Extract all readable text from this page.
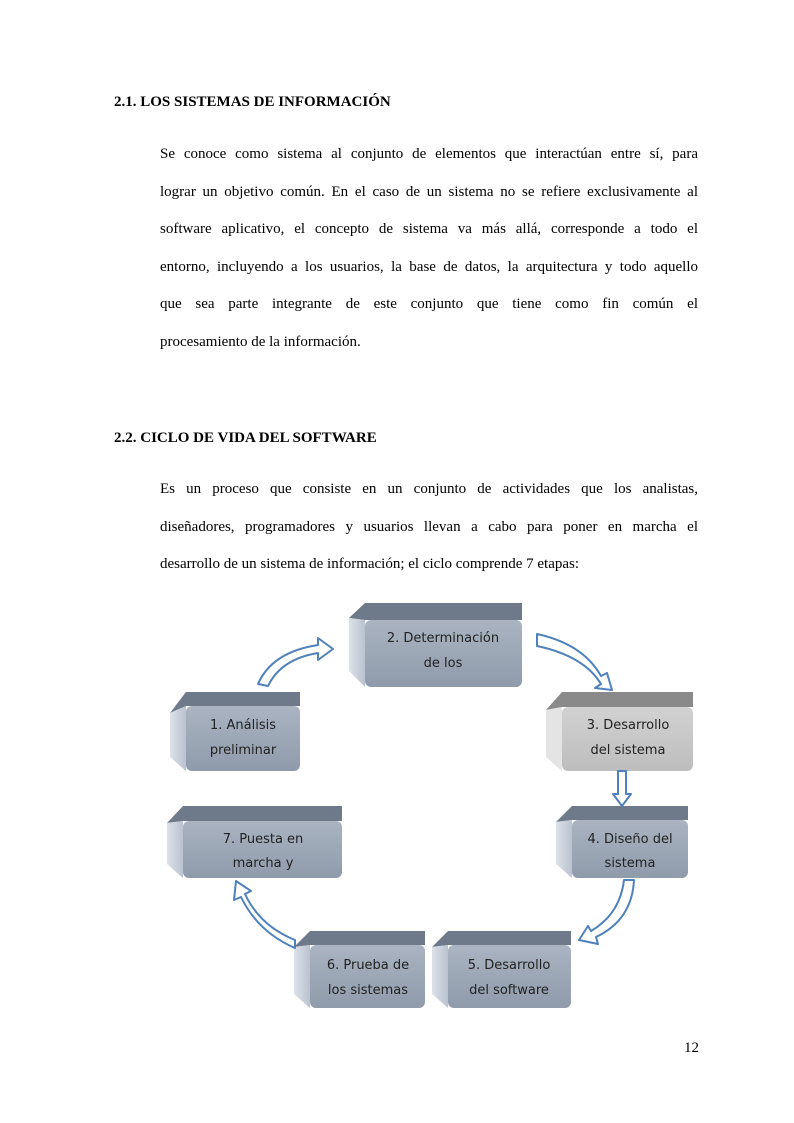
2.1. LOS SISTEMAS DE INFORMACIÓN
Se conoce como sistema al conjunto de elementos que interactúan entre sí, para
lograr un objetivo común. En el caso de un sistema no se refiere exclusivamente al
software aplicativo, el concepto de sistema va más allá, corresponde a todo el
entorno, incluyendo a los usuarios, la base de datos, la arquitectura y todo aquello
que sea parte integrante de este conjunto que tiene como fin común el
procesamiento de la información.
2.2. CICLO DE VIDA DEL SOFTWARE
Es un proceso que consiste en un conjunto de actividades que los analistas,
diseñadores, programadores y usuarios llevan a cabo para poner en marcha el
desarrollo de un sistema de información; el ciclo comprende 7 etapas:
1. Análisis
preliminar
2. Determinación
de los
3. Desarrollo
del sistema
4. Diseño del
sistema
5. Desarrollo
del software
6. Prueba de
los sistemas
7. Puesta en
marcha y
12
